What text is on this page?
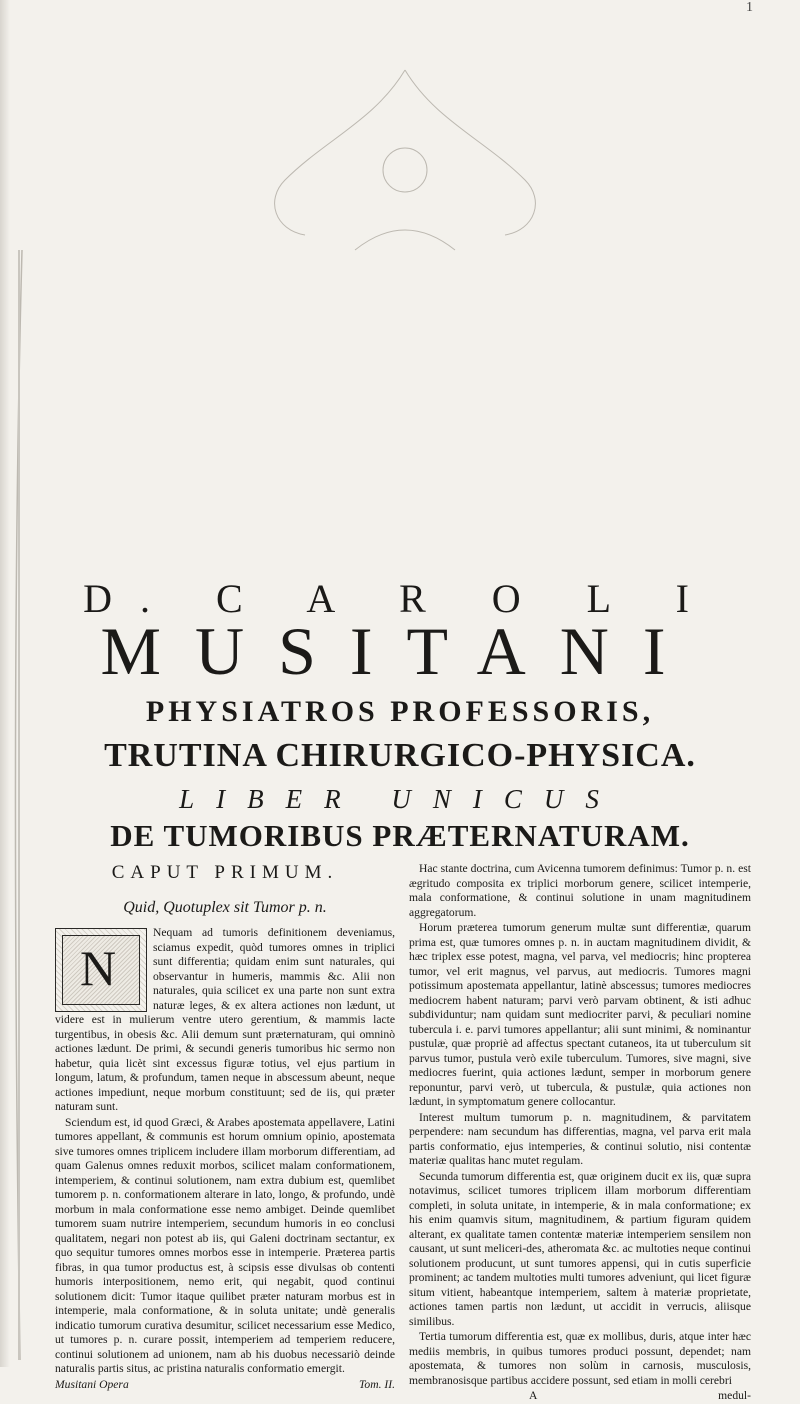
1
D. C A R O L I
MUSITANI
PHYSIATROS PROFESSORIS,
TRUTINA CHIRURGICO-PHYSICA.
LIBER UNICUS
DE TUMORIBUS PRÆTERNATURAM.
CAPUT PRIMUM.
Quid, Quotuplex sit Tumor p. n.
N

Nequam ad tumoris definitionem deveniamus, sciamus expedit, quòd tumores omnes in triplici sunt differentia; quidam enim sunt naturales, qui observantur in humeris, mammis &c. Alii non naturales, quia scilicet ex una parte non sunt extra naturæ leges, & ex altera actiones non lædunt, ut videre est in mulierum ventre utero gerentium, & mammis lacte turgentibus, in obesis &c. Alii demum sunt præternaturam, qui omninò actiones lædunt. De primi, & secundi generis tumoribus hic sermo non habetur, quia licèt sint excessus figuræ totius, vel ejus partium in longum, latum, & profundum, tamen neque in abscessum abeunt, neque actiones impediunt, neque morbum constituunt; sed de iis, qui præter naturam sunt.

Sciendum est, id quod Græci, & Arabes apostemata appellavere, Latini tumores appellant, & communis est horum omnium opinio, apostemata sive tumores omnes triplicem includere illam morborum differentiam, ad quam Galenus omnes reduxit morbos, scilicet malam conformationem, intemperiem, & continui solutionem, nam extra dubium est, quemlibet tumorem p. n. conformationem alterare in lato, longo, & profundo, undè morbum in mala conformatione esse nemo ambiget. Deinde quemlibet tumorem suam nutrire intemperiem, secundum humoris in eo conclusi qualitatem, negari non potest ab iis, qui Galeni doctrinam sectantur, ex quo sequitur tumores omnes morbos esse in intemperie. Præterea partis fibras, in qua tumor productus est, à scipsis esse divulsas ob contenti humoris interpositionem, nemo erit, qui negabit, quod continui solutionem dicit: Tumor itaque quilibet præter naturam morbus est in intemperie, mala conformatione, & in soluta unitate; undè generalis indicatio tumorum curativa desumitur, scilicet necessarium esse Medico, ut tumores p. n. curare possit, intemperiem ad temperiem reducere, continui solutionem ad unionem, nam ab his duobus necessariò deinde naturalis partis situs, ac pristina naturalis conformatio emergit.

Musitani Opera	Tom. II.

Hac stante doctrina, cum Avicenna tumorem definimus: Tumor p. n. est ægritudo composita ex triplici morborum genere, scilicet intemperie, mala conformatione, & continui solutione in unam magnitudinem aggregatorum.

Horum præterea tumorum generum multæ sunt differentiæ, quarum prima est, quæ tumores omnes p. n. in auctam magnitudinem dividit, & hæc triplex esse potest, magna, vel parva, vel mediocris; hinc propterea tumor, vel erit magnus, vel parvus, aut mediocris. Tumores magni potissimum apostemata appellantur, latinè abscessus; tumores mediocres mediocrem habent naturam; parvi verò parvam obtinent, & isti adhuc subdividuntur; nam quidam sunt mediocriter parvi, & peculiari nomine tubercula i. e. parvi tumores appellantur; alii sunt minimi, & nominantur pustulæ, quæ propriè ad affectus spectant cutaneos, ita ut tuberculum sit parvus tumor, pustula verò exile tuberculum. Tumores, sive magni, sive mediocres fuerint, quia actiones lædunt, semper in morborum genere reponuntur, parvi verò, ut tubercula, & pustulæ, quia actiones non lædunt, in symptomatum genere collocantur.

Interest multum tumorum p. n. magnitudinem, & parvitatem perpendere: nam secundum has differentias, magna, vel parva erit mala partis conformatio, ejus intemperies, & continui solutio, nisi contentæ materiæ qualitas hanc mutet regulam.

Secunda tumorum differentia est, quæ originem ducit ex iis, quæ supra notavimus, scilicet tumores triplicem illam morborum differentiam completi, in soluta unitate, in intemperie, & in mala conformatione; ex his enim quamvis situm, magnitudinem, & partium figuram quidem alterant, ex qualitate tamen contentæ materiæ intemperiem sensilem non causant, ut sunt meliceri-des, atheromata &c. ac multoties neque continui solutionem producunt, ut sunt tumores appensi, qui in cutis superficie prominent; ac tandem multoties multi tumores adveniunt, qui licet figuræ situm vitient, habeantque intemperiem, saltem à materiæ proprietate, actiones tamen partis non lædunt, ut accidit in verrucis, aliisque similibus.

Tertia tumorum differentia est, quæ ex mollibus, duris, atque inter hæc mediis membris, in quibus tumores produci possunt, dependet; nam apostemata, & tumores non solùm in carnosis, musculosis, membranosisque partibus accidere possunt, sed etiam in molli cerebri

A	medul-
